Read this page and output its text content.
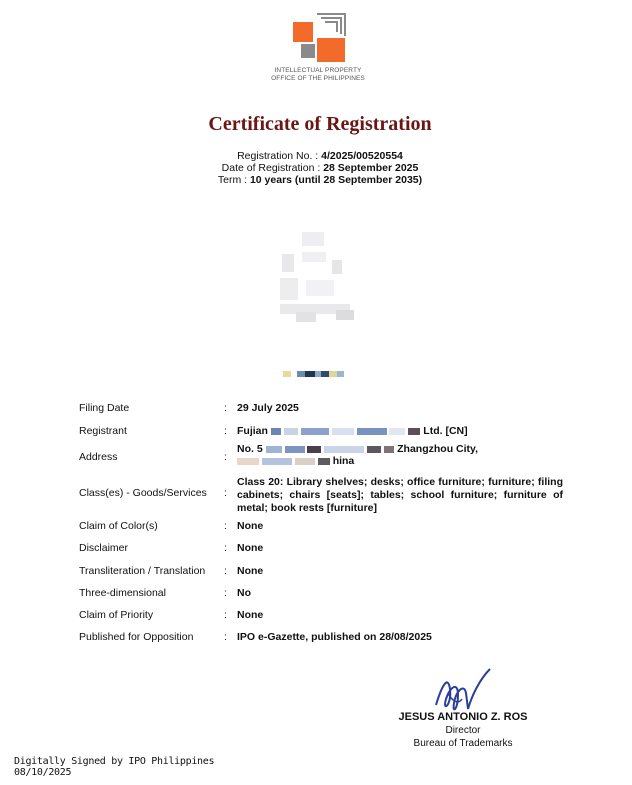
INTELLECTUAL PROPERTY
OFFICE OF THE PHILIPPINES
Certificate of Registration
Registration No. : 4/2025/00520554
Date of Registration : 28 September 2025
Term : 10 years (until 28 September 2035)
Filing Date	: 29 July 2025
Registrant	: Fujian	Ltd. [CN]
Address	:
No. 5	Zhangzhou City,
hina
Class(es) - Goods/Services :
Class 20: Library shelves; desks; office furniture; furniture; filing cabinets; chairs [seats]; tables; school furniture; furniture of metal; book rests [furniture]
Claim of Color(s)	: None
Disclaimer	: None
Transliteration / Translation : None
Three-dimensional	: No
Claim of Priority	: None
Published for Opposition	: IPO e-Gazette, published on 28/08/2025
JESUS ANTONIO Z. ROS
Director
Bureau of Trademarks
Digitally Signed by IPO Philippines
08/10/2025
